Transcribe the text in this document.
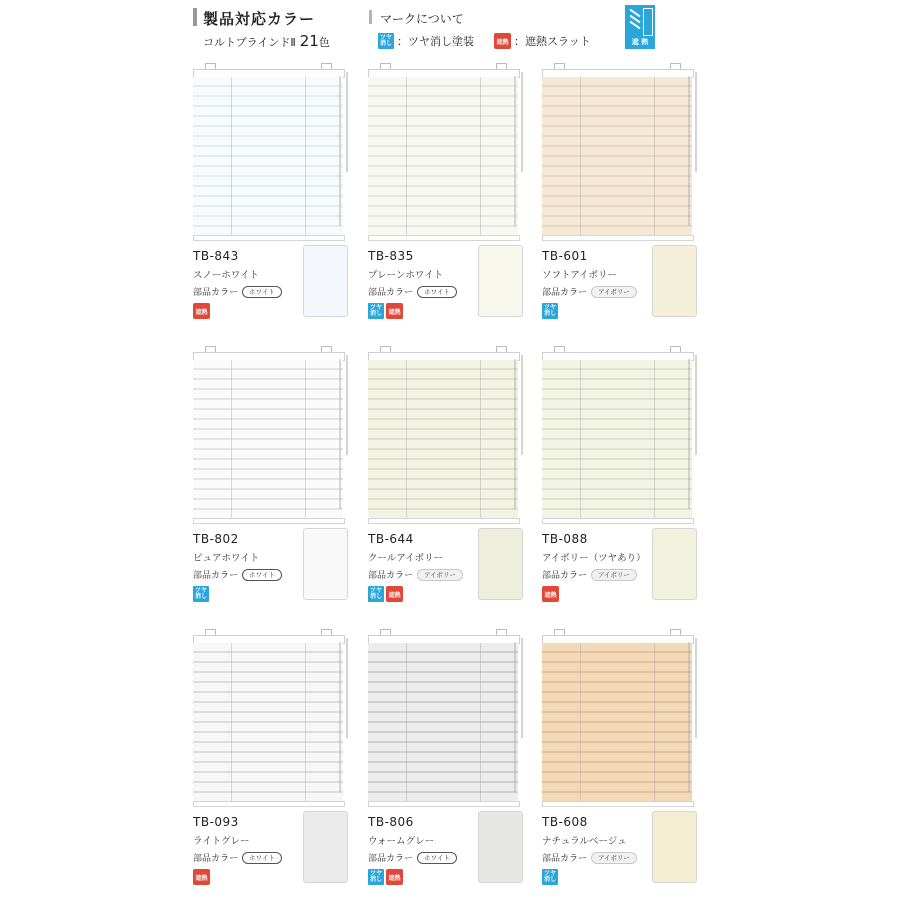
製品対応カラー
コルトブラインドⅡ 21色
マークについて
ツヤ消し ：ツヤ消し塗装	遮熱 ：遮熱スラット	遮 熱
TB-843
スノーホワイト
部品カラー	ホワイト
遮熱
TB-835
プレーンホワイト
部品カラー	ホワイト
ツヤ消し	遮熱
TB-601
ソフトアイボリー
部品カラー	アイボリー
ツヤ消し
TB-802
ピュアホワイト
部品カラー	ホワイト
ツヤ消し
TB-644
クールアイボリー
部品カラー	アイボリー
ツヤ消し	遮熱
TB-088
アイボリー（ツヤあり）
部品カラー	アイボリー
遮熱
TB-093
ライトグレー
部品カラー	ホワイト
遮熱
TB-806
ウォームグレー
部品カラー	ホワイト
ツヤ消し	遮熱
TB-608
ナチュラルベージュ
部品カラー	アイボリー
ツヤ消し
